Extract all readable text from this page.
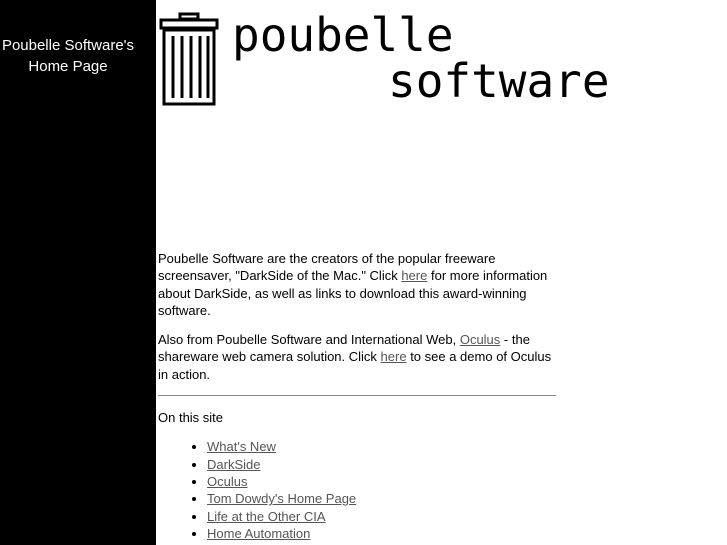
Poubelle Software's Home Page
poubelle
software

Poubelle Software are the creators of the popular freeware screensaver, "DarkSide of the Mac." Click here for more information about DarkSide, as well as links to download this award-winning software.

Also from Poubelle Software and International Web, Oculus - the shareware web camera solution. Click here to see a demo of Oculus in action.

On this site
• What's New
• DarkSide
• Oculus
• Tom Dowdy's Home Page
• Life at the Other CIA
• Home Automation
